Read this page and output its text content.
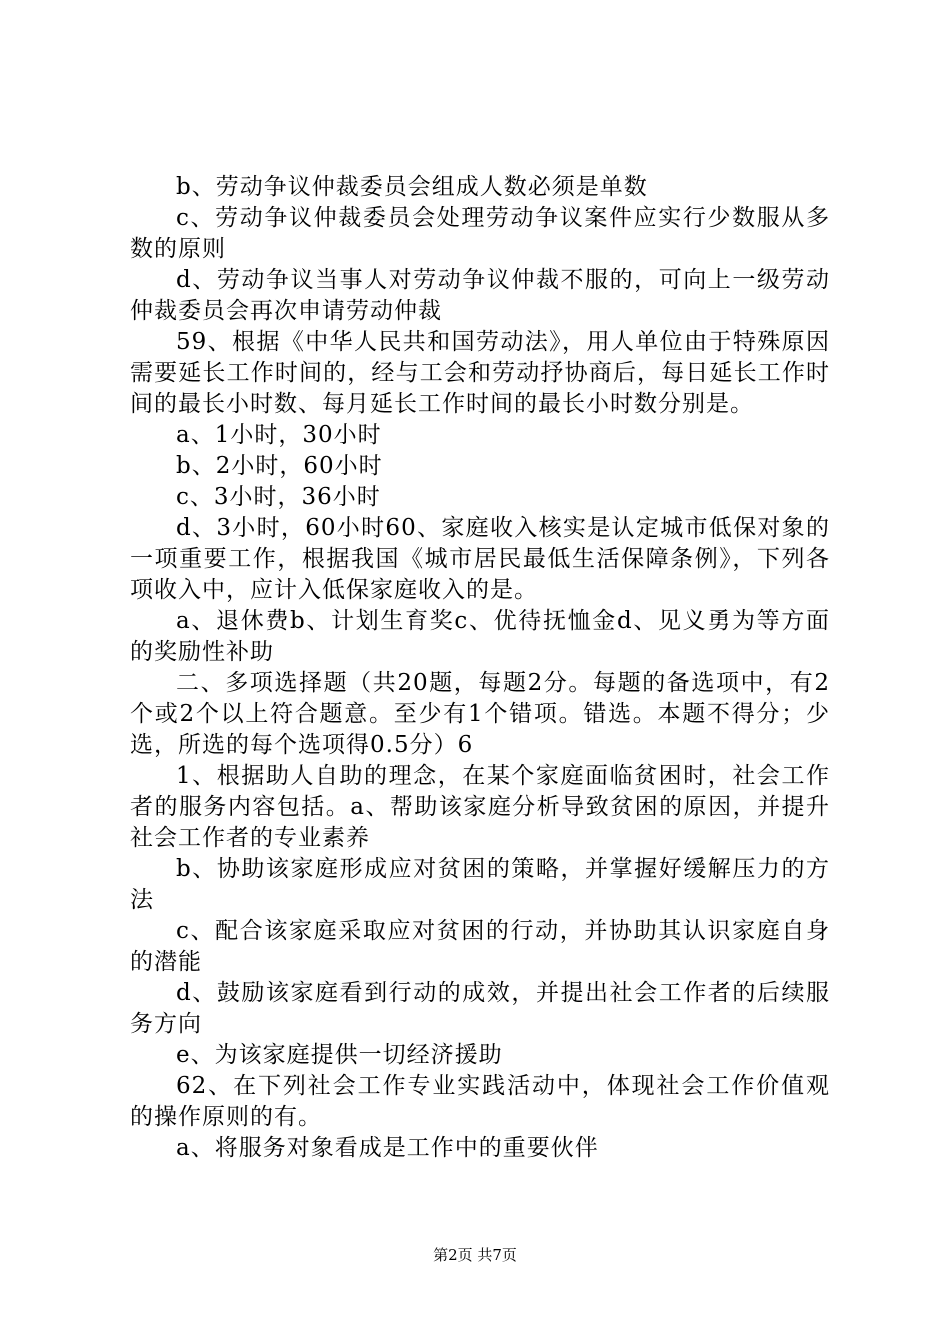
b、劳动争议仲裁委员会组成人数必须是单数

c、劳动争议仲裁委员会处理劳动争议案件应实行少数服从多数的原则

d、劳动争议当事人对劳动争议仲裁不服的，可向上一级劳动仲裁委员会再次申请劳动仲裁

59、根据《中华人民共和国劳动法》，用人单位由于特殊原因需要延长工作时间的，经与工会和劳动抒协商后，每日延长工作时间的最长小时数、每月延长工作时间的最长小时数分别是。

a、1小时，30小时

b、2小时，60小时

c、3小时，36小时

d、3小时，60小时60、家庭收入核实是认定城市低保对象的一项重要工作，根据我国《城市居民最低生活保障条例》，下列各项收入中，应计入低保家庭收入的是。

a、退休费b、计划生育奖c、优待抚恤金d、见义勇为等方面的奖励性补助

二、多项选择题（共20题，每题2分。每题的备选项中，有2个或2个以上符合题意。至少有1个错项。错选。本题不得分；少选，所选的每个选项得0.5分）6

1、根据助人自助的理念，在某个家庭面临贫困时，社会工作者的服务内容包括。a、帮助该家庭分析导致贫困的原因，并提升社会工作者的专业素养

b、协助该家庭形成应对贫困的策略，并掌握好缓解压力的方法

c、配合该家庭采取应对贫困的行动，并协助其认识家庭自身的潜能

d、鼓励该家庭看到行动的成效，并提出社会工作者的后续服务方向

e、为该家庭提供一切经济援助

62、在下列社会工作专业实践活动中，体现社会工作价值观的操作原则的有。

a、将服务对象看成是工作中的重要伙伴

第2页 共7页
